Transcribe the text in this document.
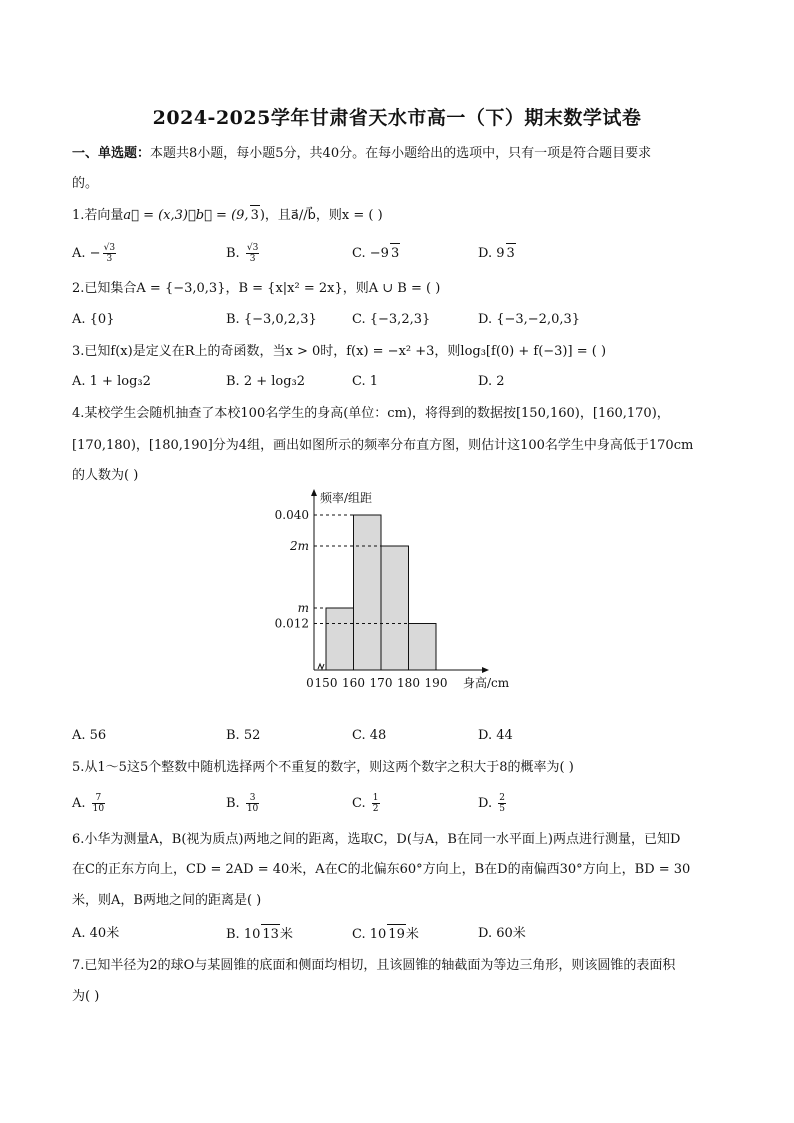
2024-2025学年甘肃省天水市高一（下）期末数学试卷
一、单选题：本题共8小题，每小题5分，共40分。在每小题给出的选项中，只有一项是符合题目要求
的。
1.若向量a⃗ = (x,3)，b⃗ = (9, 3)，且a⃗//b⃗，则x = ( )
A. − $\frac{√3}{3}$	B. $\frac{√3}{3}$	C. −9 3	D. 9 3
2.已知集合A = {−3,0,3}，B = {x|x² = 2x}，则A ∪ B = ( )
A. {0}	B. {−3,0,2,3}	C. {−3,2,3}	D. {−3,−2,0,3}
3.已知f(x)是定义在R上的奇函数，当x > 0时，f(x) = −x² +3，则log₃[f(0) + f(−3)] = ( )
A. 1 + log₃2	B. 2 + log₃2	C. 1	D. 2
4.某校学生会随机抽查了本校100名学生的身高(单位：cm)，将得到的数据按[150,160)，[160,170)，
[170,180)，[180,190]分为4组，画出如图所示的频率分布直方图，则估计这100名学生中身高低于170cm
的人数为( )
0.040
2m
m
0.012
0 150 160 170 180 190
频率/组距
身高/cm
A. 56	B. 52	C. 48	D. 44
5.从1～5这5个整数中随机选择两个不重复的数字，则这两个数字之积大于8的概率为( )
A. $\frac{7}{10}$	B. $\frac{3}{10}$	C. $\frac{1}{2}$	D. $\frac{2}{5}$
6.小华为测量A，B(视为质点)两地之间的距离，选取C，D(与A，B在同一水平面上)两点进行测量，已知D
在C的正东方向上，CD = 2AD = 40米，A在C的北偏东60°方向上，B在D的南偏西30°方向上，BD = 30
米，则A，B两地之间的距离是( )
A. 40米	B. 10 13米	C. 10 19米	D. 60米
7.已知半径为2的球O与某圆锥的底面和侧面均相切，且该圆锥的轴截面为等边三角形，则该圆锥的表面积
为( )
